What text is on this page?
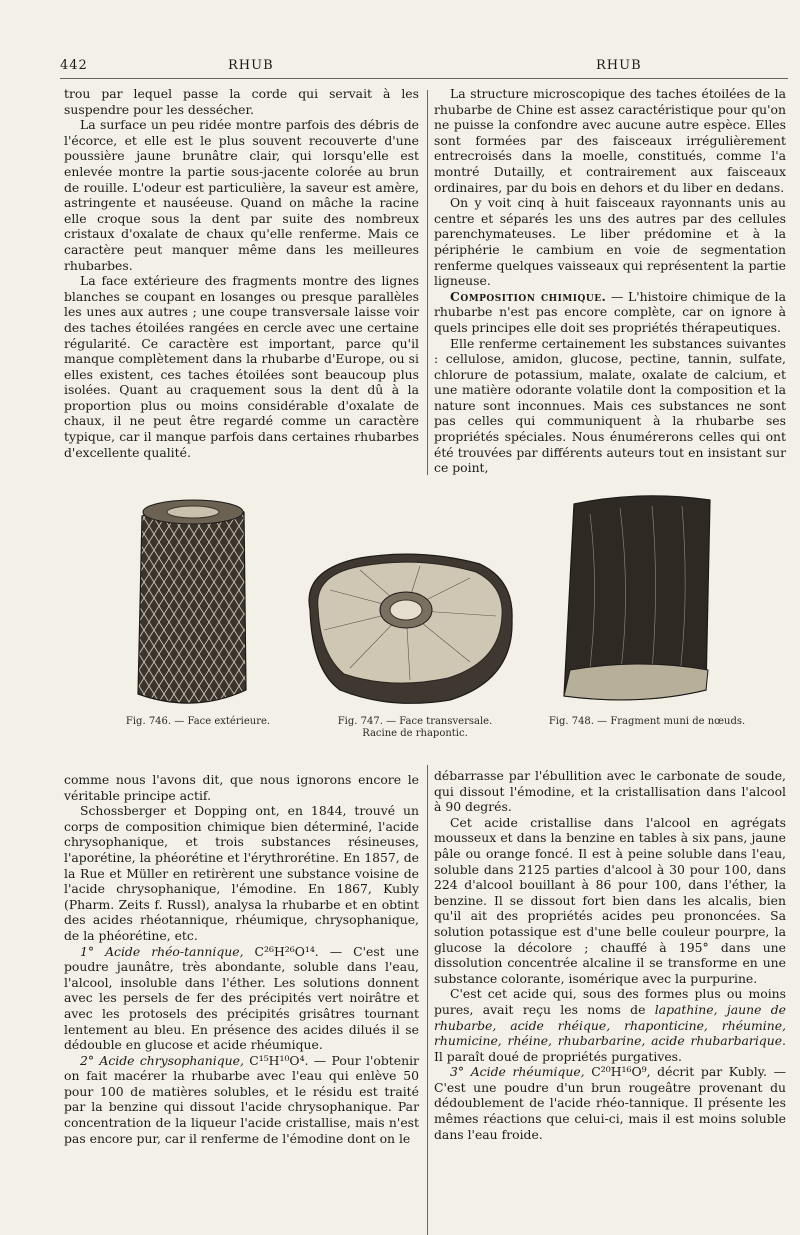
442	RHUB	RHUB

trou par lequel passe la corde qui servait à les suspendre pour les dessécher.

La surface un peu ridée montre parfois des débris de l'écorce, et elle est le plus souvent recouverte d'une poussière jaune brunâtre clair, qui lorsqu'elle est enlevée montre la partie sous-jacente colorée au brun de rouille. L'odeur est particulière, la saveur est amère, astringente et nauséeuse. Quand on mâche la racine elle croque sous la dent par suite des nombreux cristaux d'oxalate de chaux qu'elle renferme. Mais ce caractère peut manquer même dans les meilleures rhubarbes.

La face extérieure des fragments montre des lignes blanches se coupant en losanges ou presque parallèles les unes aux autres ; une coupe transversale laisse voir des taches étoilées rangées en cercle avec une certaine régularité. Ce caractère est important, parce qu'il manque complètement dans la rhubarbe d'Europe, ou si elles existent, ces taches étoilées sont beaucoup plus isolées. Quant au craquement sous la dent dû à la proportion plus ou moins considérable d'oxalate de chaux, il ne peut être regardé comme un caractère typique, car il manque parfois dans certaines rhubarbes d'excellente qualité.

La structure microscopique des taches étoilées de la rhubarbe de Chine est assez caractéristique pour qu'on ne puisse la confondre avec aucune autre espèce. Elles sont formées par des faisceaux irrégulièrement entrecroisés dans la moelle, constitués, comme l'a montré Dutailly, et contrairement aux faisceaux ordinaires, par du bois en dehors et du liber en dedans.

On y voit cinq à huit faisceaux rayonnants unis au centre et séparés les uns des autres par des cellules parenchymateuses. Le liber prédomine et à la périphérie le cambium en voie de segmentation renferme quelques vaisseaux qui représentent la partie ligneuse.

Composition chimique. — L'histoire chimique de la rhubarbe n'est pas encore complète, car on ignore à quels principes elle doit ses propriétés thérapeutiques.

Elle renferme certainement les substances suivantes : cellulose, amidon, glucose, pectine, tannin, sulfate, chlorure de potassium, malate, oxalate de calcium, et une matière odorante volatile dont la composition et la nature sont inconnues. Mais ces substances ne sont pas celles qui communiquent à la rhubarbe ses propriétés spéciales. Nous énumérerons celles qui ont été trouvées par différents auteurs tout en insistant sur ce point,

Fig. 746. — Face extérieure.	Fig. 747. — Face transversale.
Racine de rhapontic.
Fig. 748. — Fragment muni de nœuds.

comme nous l'avons dit, que nous ignorons encore le véritable principe actif.

Schossberger et Dopping ont, en 1844, trouvé un corps de composition chimique bien déterminé, l'acide chrysophanique, et trois substances résineuses, l'aporétine, la phéorétine et l'érythrorétine. En 1857, de la Rue et Müller en retirèrent une substance voisine de l'acide chrysophanique, l'émodine. En 1867, Kubly (Pharm. Zeits f. Russl), analysa la rhubarbe et en obtint des acides rhéotannique, rhéumique, chrysophanique, de la phéorétine, etc.

1° Acide rhéo-tannique, C²⁶H²⁶O¹⁴. — C'est une poudre jaunâtre, très abondante, soluble dans l'eau, l'alcool, insoluble dans l'éther. Les solutions donnent avec les persels de fer des précipités vert noirâtre et avec les protosels des précipités grisâtres tournant lentement au bleu. En présence des acides dilués il se dédouble en glucose et acide rhéumique.

2° Acide chrysophanique, C¹⁵H¹⁰O⁴. — Pour l'obtenir on fait macérer la rhubarbe avec l'eau qui enlève 50 pour 100 de matières solubles, et le résidu est traité par la benzine qui dissout l'acide chrysophanique. Par concentration de la liqueur l'acide cristallise, mais n'est pas encore pur, car il renferme de l'émodine dont on le

débarrasse par l'ébullition avec le carbonate de soude, qui dissout l'émodine, et la cristallisation dans l'alcool à 90 degrés.

Cet acide cristallise dans l'alcool en agrégats mousseux et dans la benzine en tables à six pans, jaune pâle ou orange foncé. Il est à peine soluble dans l'eau, soluble dans 2125 parties d'alcool à 30 pour 100, dans 224 d'alcool bouillant à 86 pour 100, dans l'éther, la benzine. Il se dissout fort bien dans les alcalis, bien qu'il ait des propriétés acides peu prononcées. Sa solution potassique est d'une belle couleur pourpre, la glucose la décolore ; chauffé à 195° dans une dissolution concentrée alcaline il se transforme en une substance colorante, isomérique avec la purpurine.

C'est cet acide qui, sous des formes plus ou moins pures, avait reçu les noms de lapathine, jaune de rhubarbe, acide rhéique, rhaponticine, rhéumine, rhumicine, rhéine, rhubarbarine, acide rhubarbarique. Il paraît doué de propriétés purgatives.

3° Acide rhéumique, C²⁰H¹⁶O⁹, décrit par Kubly. — C'est une poudre d'un brun rougeâtre provenant du dédoublement de l'acide rhéo-tannique. Il présente les mêmes réactions que celui-ci, mais il est moins soluble dans l'eau froide.
